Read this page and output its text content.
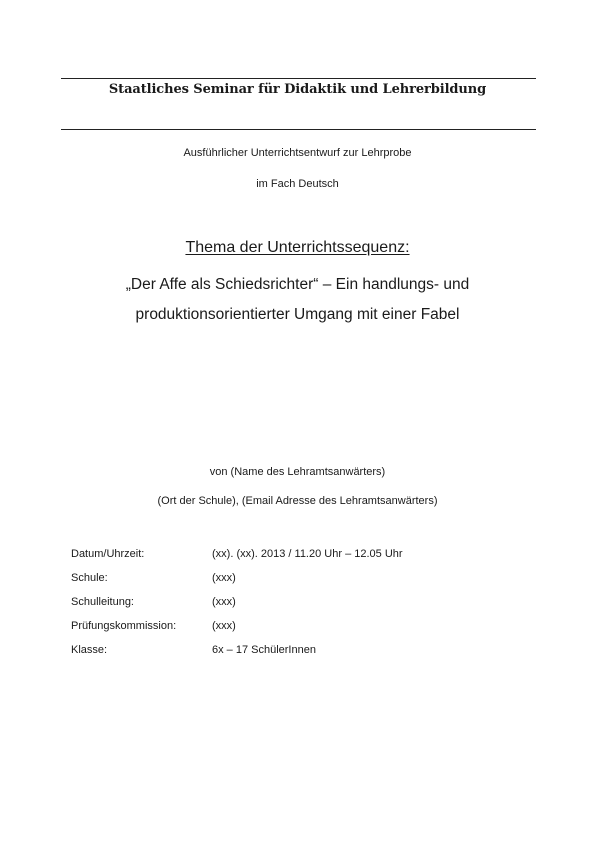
Staatliches Seminar für Didaktik und Lehrerbildung
Ausführlicher Unterrichtsentwurf zur Lehrprobe
im Fach Deutsch
Thema der Unterrichtssequenz:
„Der Affe als Schiedsrichter“ – Ein handlungs- und
produktionsorientierter Umgang mit einer Fabel
von (Name des Lehramtsanwärters)
(Ort der Schule), (Email Adresse des Lehramtsanwärters)
Datum/Uhrzeit:	(xx). (xx). 2013 / 11.20 Uhr – 12.05 Uhr
Schule:	(xxx)
Schulleitung:	(xxx)
Prüfungskommission:	(xxx)
Klasse:	6x – 17 SchülerInnen
